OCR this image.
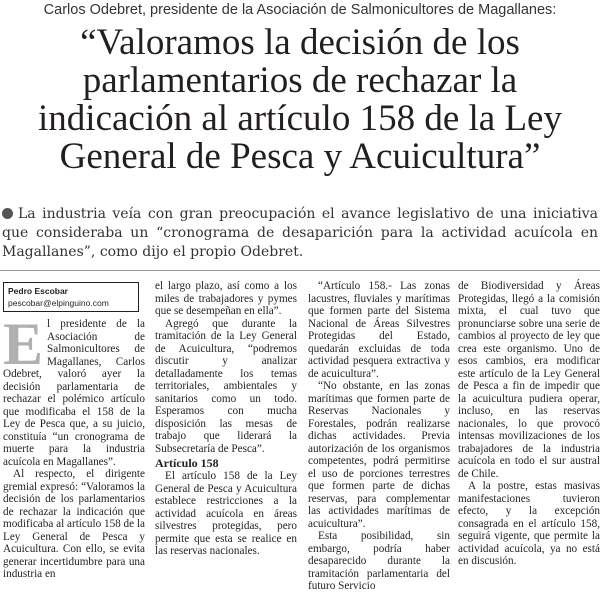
Carlos Odebret, presidente de la Asociación de Salmonicultores de Magallanes:
“Valoramos la decisión de los
parlamentarios de rechazar la
indicación al artículo 158 de la Ley
General de Pesca y Acuicultura”
La industria veía con gran preocupación el avance legislativo de una iniciativa que consideraba un “cronograma de desaparición para la actividad acuícola en Magallanes”, como dijo el propio Odebret.
Pedro Escobar
pescobar@elpinguino.com
E l presidente de la Asociación de Salmonicultores de Magallanes, Carlos Odebret, valoró ayer la decisión parlamentaria de rechazar el polémico artículo que modificaba el 158 de la Ley de Pesca que, a su juicio, constituía “un cronograma de muerte para la industria acuícola en Magallanes”.

Al respecto, el dirigente gremial expresó: “Valoramos la decisión de los parlamentarios de rechazar la indicación que modificaba al artículo 158 de la Ley General de Pesca y Acuicultura. Con ello, se evita generar incertidumbre para una industria en

el largo plazo, así como a los miles de trabajadores y pymes que se desempeñan en ella”.

Agregó que durante la tramitación de la Ley General de Acuicultura, “podremos discutir y analizar detalladamente los temas territoriales, ambientales y sanitarios como un todo. Esperamos con mucha disposición las mesas de trabajo que liderará la Subsecretaría de Pesca”.

Artículo 158

El artículo 158 de la Ley General de Pesca y Acuicultura establece restricciones a la actividad acuícola en áreas silvestres protegidas, pero permite que esta se realice en las reservas nacionales.

“Artículo 158.- Las zonas lacustres, fluviales y marítimas que formen parte del Sistema Nacional de Áreas Silvestres Protegidas del Estado, quedarán excluidas de toda actividad pesquera extractiva y de acuicultura”.

“No obstante, en las zonas marítimas que formen parte de Reservas Nacionales y Forestales, podrán realizarse dichas actividades. Previa autorización de los organismos competentes, podrá permitirse el uso de porciones terrestres que formen parte de dichas reservas, para complementar las actividades marítimas de acuicultura”.

Esta posibilidad, sin embargo, podría haber desaparecido durante la tramitación parlamentaria del futuro Servicio

de Biodiversidad y Áreas Protegidas, llegó a la comisión mixta, el cual tuvo que pronunciarse sobre una serie de cambios al proyecto de ley que crea este organismo. Uno de esos cambios, era modificar este artículo de la Ley General de Pesca a fin de impedir que la acuicultura pudiera operar, incluso, en las reservas nacionales, lo que provocó intensas movilizaciones de los trabajadores de la industria acuícola en todo el sur austral de Chile.

A la postre, estas masivas manifestaciones tuvieron efecto, y la excepción consagrada en el artículo 158, seguirá vigente, que permite la actividad acuícola, ya no está en discusión.
